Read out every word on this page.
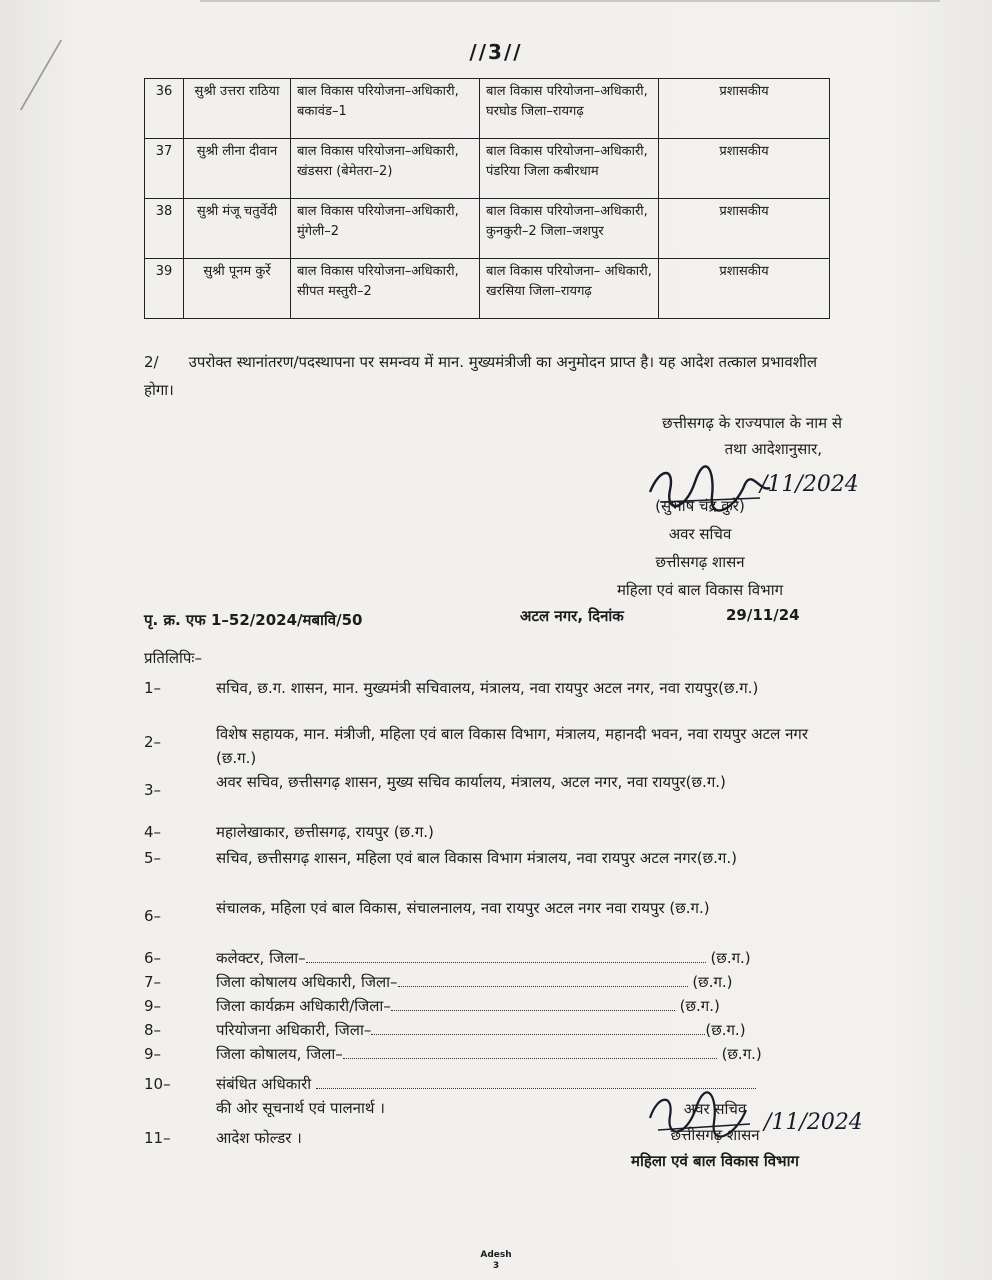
//3//
36	सुश्री उत्तरा राठिया	बाल विकास परियोजना–अधिकारी, बकावंड–1	बाल विकास परियोजना–अधिकारी, घरघोड जिला–रायगढ़	प्रशासकीय
37	सुश्री लीना दीवान	बाल विकास परियोजना–अधिकारी, खंडसरा (बेमेतरा–2)	बाल विकास परियोजना–अधिकारी, पंडरिया जिला कबीरधाम	प्रशासकीय
38	सुश्री मंजू चतुर्वेदी	बाल विकास परियोजना–अधिकारी, मुंगेली–2	बाल विकास परियोजना–अधिकारी, कुनकुरी–2 जिला–जशपुर	प्रशासकीय
39	सुश्री पूनम कुर्रे	बाल विकास परियोजना–अधिकारी, सीपत मस्तुरी–2	बाल विकास परियोजना– अधिकारी, खरसिया जिला–रायगढ़	प्रशासकीय
2/ उपरोक्त स्थानांतरण/पदस्थापना पर समन्वय में मान. मुख्यमंत्रीजी का अनुमोदन प्राप्त है। यह आदेश तत्काल प्रभावशील होगा।
छत्तीसगढ़ के राज्यपाल के नाम से
तथा आदेशानुसार,
/11/2024
(सुभाष चंद्र कुर्रे)
अवर सचिव
छत्तीसगढ़ शासन
महिला एवं बाल विकास विभाग
पृ. क्र. एफ 1–52/2024/मबावि/50	अटल नगर, दिनांक	29/11/24
प्रतिलिपिः–
1–	सचिव, छ.ग. शासन, मान. मुख्यमंत्री सचिवालय, मंत्रालय, नवा रायपुर अटल नगर, नवा रायपुर(छ.ग.)
2–	विशेष सहायक, मान. मंत्रीजी, महिला एवं बाल विकास विभाग, मंत्रालय, महानदी भवन, नवा रायपुर अटल नगर (छ.ग.)
3–	अवर सचिव, छत्तीसगढ़ शासन, मुख्य सचिव कार्यालय, मंत्रालय, अटल नगर, नवा रायपुर(छ.ग.)
4–	महालेखाकार, छत्तीसगढ़, रायपुर (छ.ग.)
5–	सचिव, छत्तीसगढ़ शासन, महिला एवं बाल विकास विभाग मंत्रालय, नवा रायपुर अटल नगर(छ.ग.)
6–	संचालक, महिला एवं बाल विकास, संचालनालय, नवा रायपुर अटल नगर नवा रायपुर (छ.ग.)
6–	कलेक्टर, जिला–	(छ.ग.)
7–	जिला कोषालय अधिकारी, जिला–	(छ.ग.)
9–	जिला कार्यक्रम अधिकारी/जिला–	(छ.ग.)
8–	परियोजना अधिकारी, जिला–	(छ.ग.)
9–	जिला कोषालय, जिला–	(छ.ग.)
10–	संबंधित अधिकारी
की ओर सूचनार्थ एवं पालनार्थ ।
11–	आदेश फोल्डर ।
/11/2024
अवर सचिव
छत्तीसगढ़ शासन
महिला एवं बाल विकास विभाग
Adesh
3
